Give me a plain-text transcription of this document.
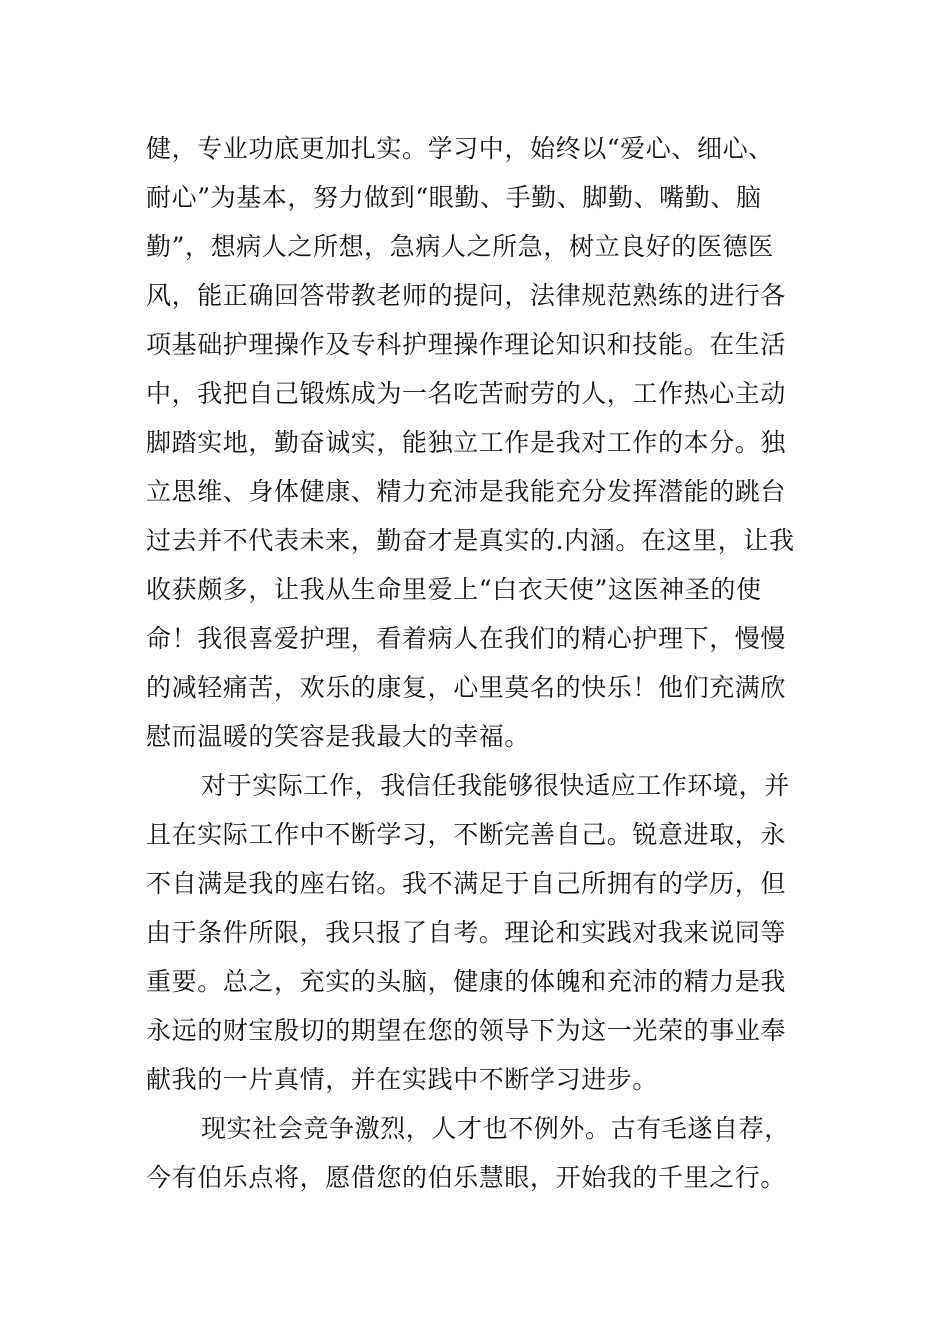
健，专业功底更加扎实。学习中，始终以“爱心、细心、
耐心”为基本，努力做到“眼勤、手勤、脚勤、嘴勤、脑
勤”，想病人之所想，急病人之所急，树立良好的医德医
风，能正确回答带教老师的提问，法律规范熟练的进行各
项基础护理操作及专科护理操作理论知识和技能。在生活
中，我把自己锻炼成为一名吃苦耐劳的人，工作热心主动
脚踏实地，勤奋诚实，能独立工作是我对工作的本分。独
立思维、身体健康、精力充沛是我能充分发挥潜能的跳台
过去并不代表未来，勤奋才是真实的.内涵。在这里，让我
收获颇多，让我从生命里爱上“白衣天使”这医神圣的使
命！我很喜爱护理，看着病人在我们的精心护理下，慢慢
的减轻痛苦，欢乐的康复，心里莫名的快乐！他们充满欣
慰而温暖的笑容是我最大的幸福。
对于实际工作，我信任我能够很快适应工作环境，并
且在实际工作中不断学习，不断完善自己。锐意进取，永
不自满是我的座右铭。我不满足于自己所拥有的学历，但
由于条件所限，我只报了自考。理论和实践对我来说同等
重要。总之，充实的头脑，健康的体魄和充沛的精力是我
永远的财宝殷切的期望在您的领导下为这一光荣的事业奉
献我的一片真情，并在实践中不断学习进步。
现实社会竞争激烈，人才也不例外。古有毛遂自荐，
今有伯乐点将，愿借您的伯乐慧眼，开始我的千里之行。
